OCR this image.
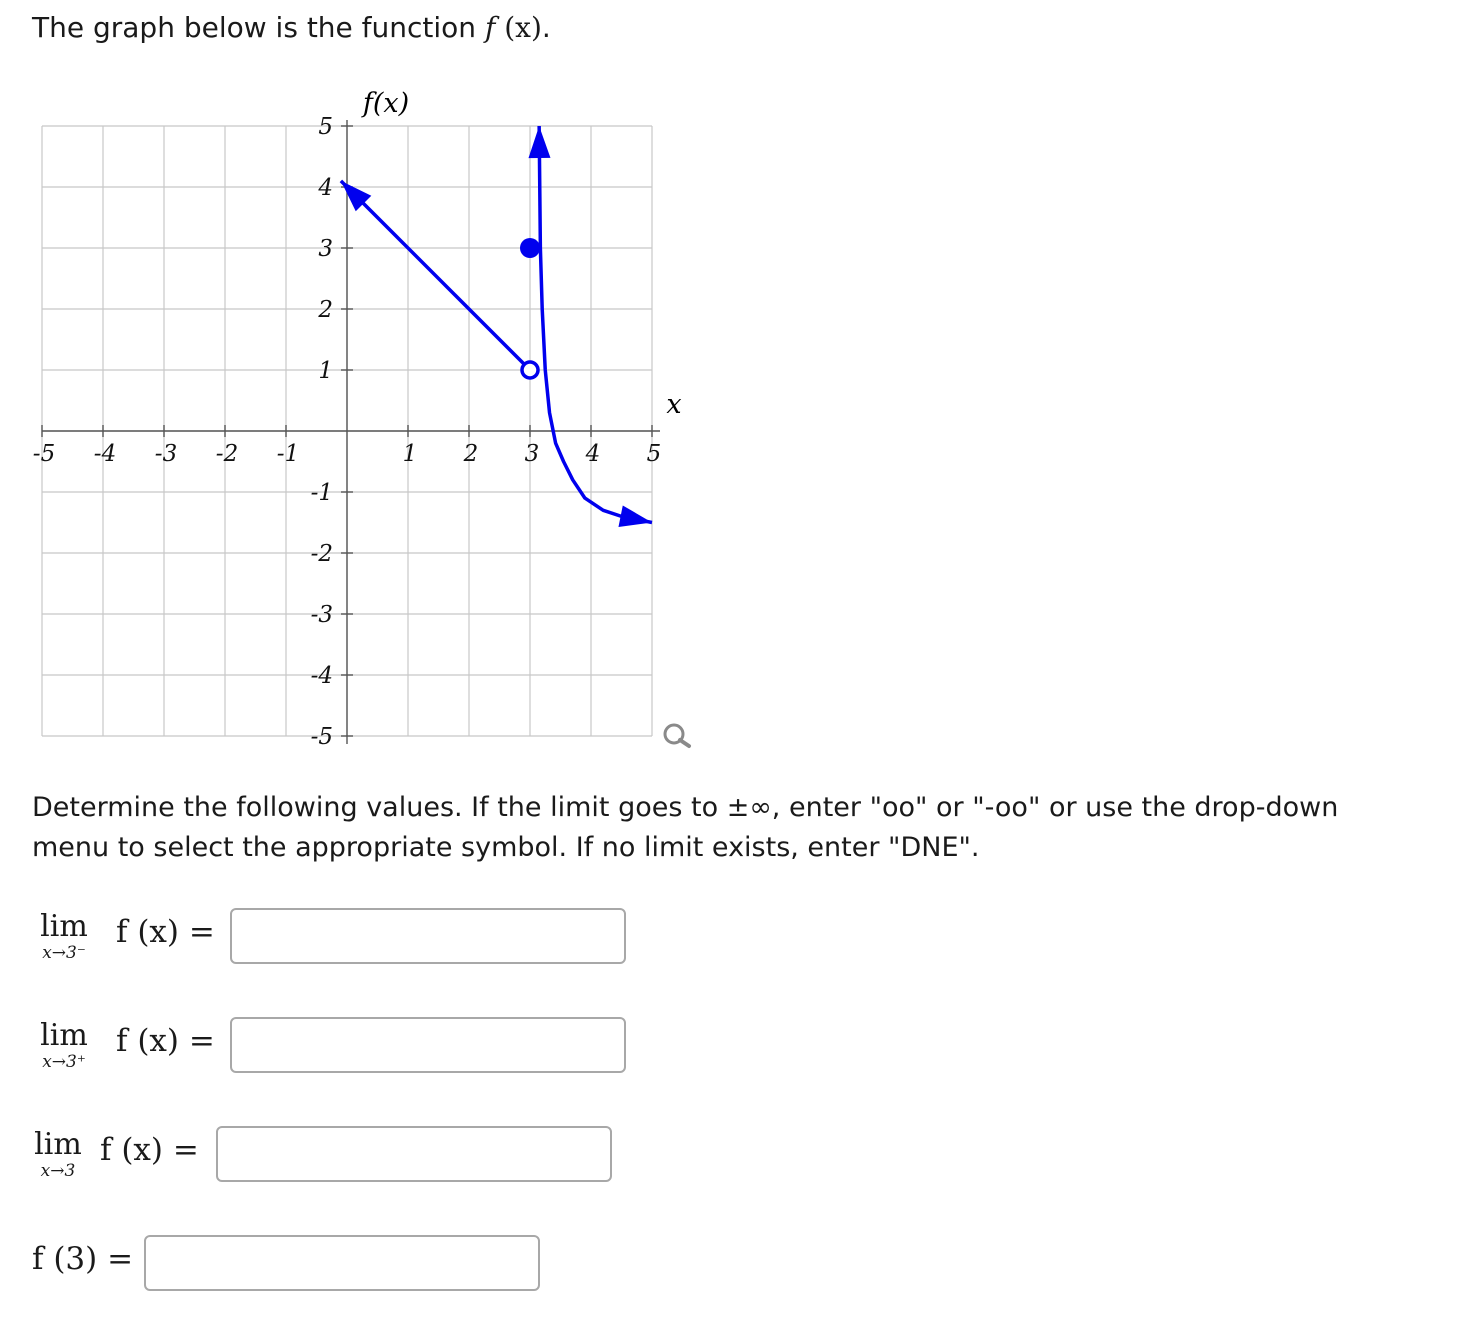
The graph below is the function f (x).
-5 -4 -3 -2 -1	1 2 3 4 5
5
4
3
2
1
-1
-2
-3
-4
-5
f(x)
x
Determine the following values. If the limit goes to ±∞, enter "oo" or "-oo" or use the drop-down
menu to select the appropriate symbol. If no limit exists, enter "DNE".
lim
x→3⁻
f (x) =
lim
x→3⁺
f (x) =
lim
x→3
f (x) =
f (3) =
